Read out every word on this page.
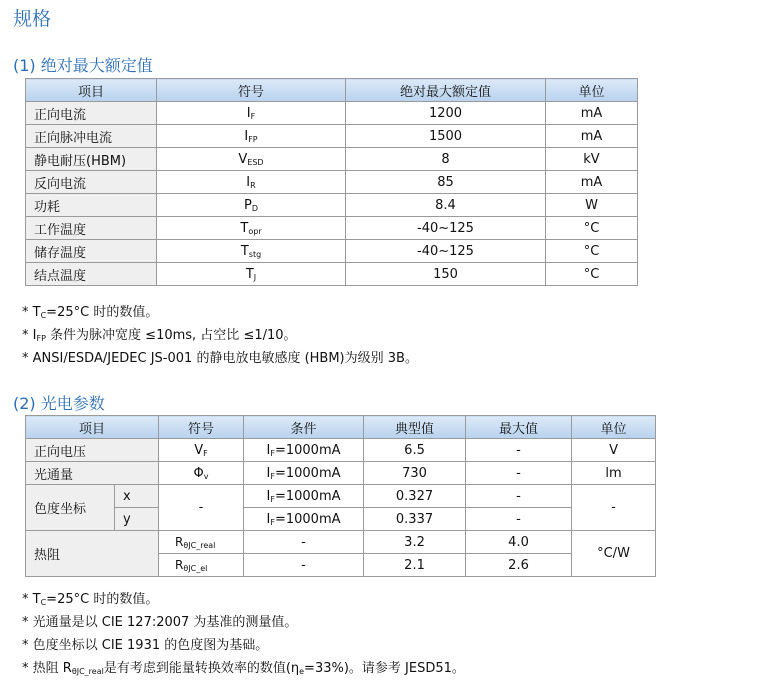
规格
(1) 绝对最大额定值
项目	符号	绝对最大额定值	单位
正向电流	$I_F$	1200	mA
正向脉冲电流	$I_{FP}$	1500	mA
静电耐压(HBM)	$V_{ESD}$	8	kV
反向电流	$I_R$	85	mA
功耗	$P_D$	8.4	W
工作温度	$T_{opr}$	-40~125	°C
储存温度	$T_{stg}$	-40~125	°C
结点温度	$T_J$	150	°C
* $T_C=25^\circ C$ 时的数值。
* $I_{FP}$ 条件为脉冲宽度 ≤10ms, 占空比 ≤1/10。
* ANSI/ESDA/JEDEC JS-001 的静电放电敏感度 (HBM)为级别 3B。
(2) 光电参数
项目		符号	条件	典型值	最大值	单位
正向电压		$V_F$	$I_F=1000mA$	6.5	-	V
光通量		$\Phi_v$	$I_F=1000mA$	730	-	lm
色度坐标	x	-	$I_F=1000mA$	0.327	-	-
	y		$I_F=1000mA$	0.337	-	
热阻		$R_{\theta JC\_real}$	-	3.2	4.0	°C/W
		$R_{\theta JC\_el}$	-	2.1	2.6	
* $T_C=25^\circ C$ 时的数值。
* 光通量是以 CIE 127:2007 为基准的测量值。
* 色度坐标以 CIE 1931 的色度图为基础。
* 热阻 $R_{\theta JC\_real}$是有考虑到能量转换效率的数值$(\eta_e=33\%)$。请参考 JESD51。
